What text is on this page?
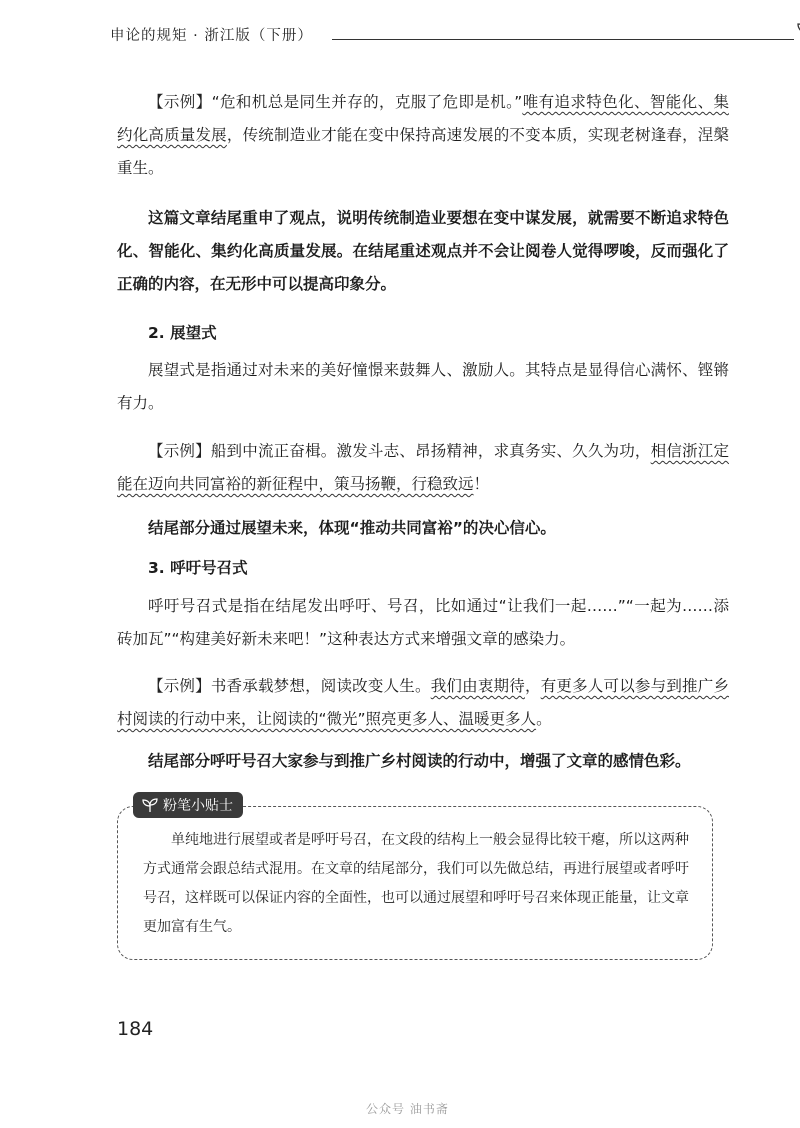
申论的规矩 · 浙江版（下册）

【示例】“危和机总是同生并存的，克服了危即是机。”唯有追求特色化、智能化、集约化高质量发展，传统制造业才能在变中保持高速发展的不变本质，实现老树逢春，涅槃重生。

这篇文章结尾重申了观点，说明传统制造业要想在变中谋发展，就需要不断追求特色化、智能化、集约化高质量发展。在结尾重述观点并不会让阅卷人觉得啰唆，反而强化了正确的内容，在无形中可以提高印象分。

2. 展望式

展望式是指通过对未来的美好憧憬来鼓舞人、激励人。其特点是显得信心满怀、铿锵有力。

【示例】船到中流正奋楫。激发斗志、昂扬精神，求真务实、久久为功，相信浙江定能在迈向共同富裕的新征程中，策马扬鞭，行稳致远！

结尾部分通过展望未来，体现“推动共同富裕”的决心信心。

3. 呼吁号召式

呼吁号召式是指在结尾发出呼吁、号召，比如通过“让我们一起……”“一起为……添砖加瓦”“构建美好新未来吧！”这种表达方式来增强文章的感染力。

【示例】书香承载梦想，阅读改变人生。我们由衷期待，有更多人可以参与到推广乡村阅读的行动中来，让阅读的“微光”照亮更多人、温暖更多人。

结尾部分呼吁号召大家参与到推广乡村阅读的行动中，增强了文章的感情色彩。

粉笔小贴士

单纯地进行展望或者是呼吁号召，在文段的结构上一般会显得比较干瘪，所以这两种方式通常会跟总结式混用。在文章的结尾部分，我们可以先做总结，再进行展望或者呼吁号召，这样既可以保证内容的全面性，也可以通过展望和呼吁号召来体现正能量，让文章更加富有生气。

184
公众号 油书斋
